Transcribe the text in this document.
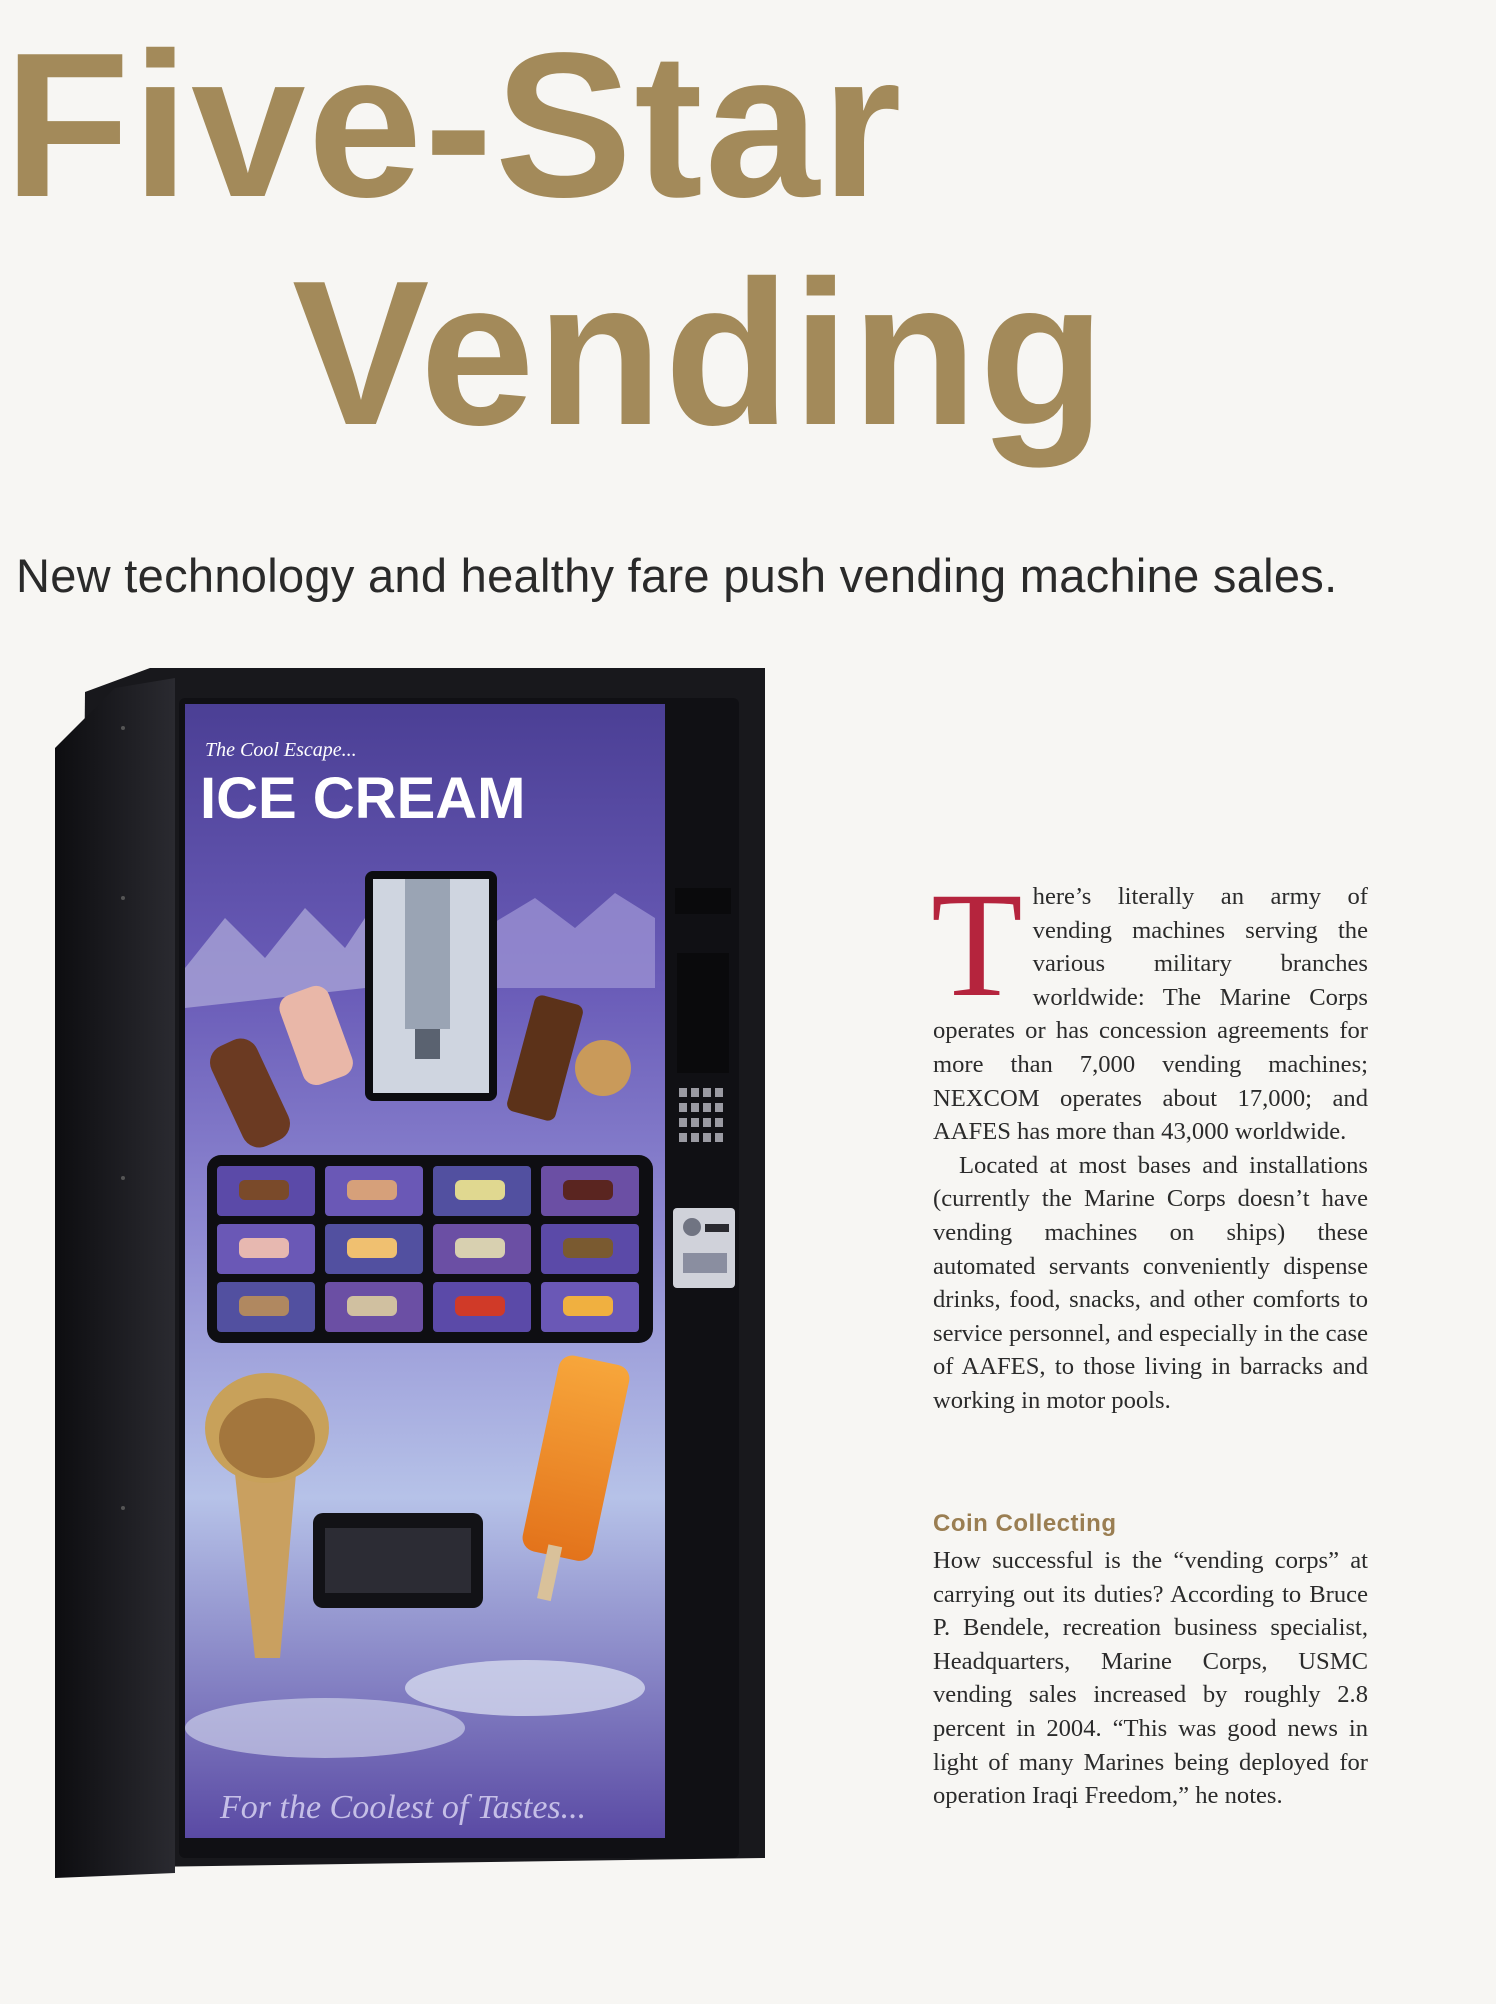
Five-Star
Vending

New technology and healthy fare push vending machine sales.

The Cool Escape...
ICE CREAM
For the Coolest of Tastes...

There’s literally an army of vending machines serving the various military branches worldwide: The Marine Corps operates or has concession agreements for more than 7,000 vending machines; NEXCOM operates about 17,000; and AAFES has more than 43,000 worldwide.

Located at most bases and installations (currently the Marine Corps doesn’t have vending machines on ships) these automated servants conveniently dispense drinks, food, snacks, and other comforts to service personnel, and especially in the case of AAFES, to those living in barracks and working in motor pools.

Coin Collecting

How successful is the “vending corps” at carrying out its duties? According to Bruce P. Bendele, recreation business specialist, Headquarters, Marine Corps, USMC vending sales increased by roughly 2.8 percent in 2004. “This was good news in light of many Marines being deployed for operation Iraqi Freedom,” he notes.
